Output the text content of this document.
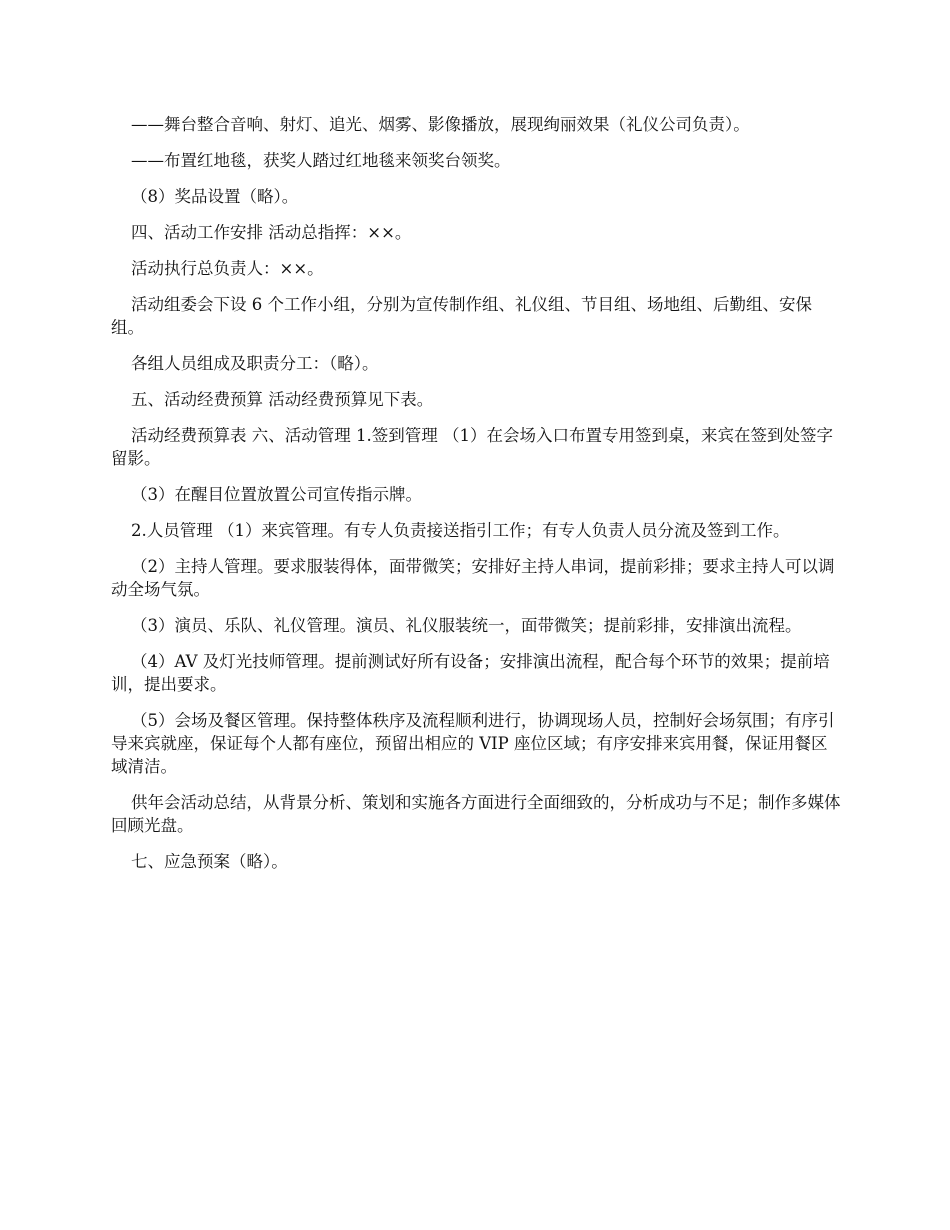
——舞台整合音响、射灯、追光、烟雾、影像播放，展现绚丽效果（礼仪公司负责）。

——布置红地毯，获奖人踏过红地毯来领奖台领奖。

（8）奖品设置（略）。

四、活动工作安排 活动总指挥：××。

活动执行总负责人：××。

活动组委会下设 6 个工作小组，分别为宣传制作组、礼仪组、节目组、场地组、后勤组、安保组。

各组人员组成及职责分工：（略）。

五、活动经费预算 活动经费预算见下表。

活动经费预算表 六、活动管理 1.签到管理 （1）在会场入口布置专用签到桌，来宾在签到处签字留影。

（3）在醒目位置放置公司宣传指示牌。

2.人员管理 （1）来宾管理。有专人负责接送指引工作；有专人负责人员分流及签到工作。

（2）主持人管理。要求服装得体，面带微笑；安排好主持人串词，提前彩排；要求主持人可以调动全场气氛。

（3）演员、乐队、礼仪管理。演员、礼仪服装统一，面带微笑；提前彩排，安排演出流程。

（4）AV 及灯光技师管理。提前测试好所有设备；安排演出流程，配合每个环节的效果；提前培训，提出要求。

（5）会场及餐区管理。保持整体秩序及流程顺利进行，协调现场人员，控制好会场氛围；有序引导来宾就座，保证每个人都有座位，预留出相应的 VIP 座位区域；有序安排来宾用餐，保证用餐区域清洁。

供年会活动总结，从背景分析、策划和实施各方面进行全面细致的，分析成功与不足；制作多媒体回顾光盘。

七、应急预案（略）。
